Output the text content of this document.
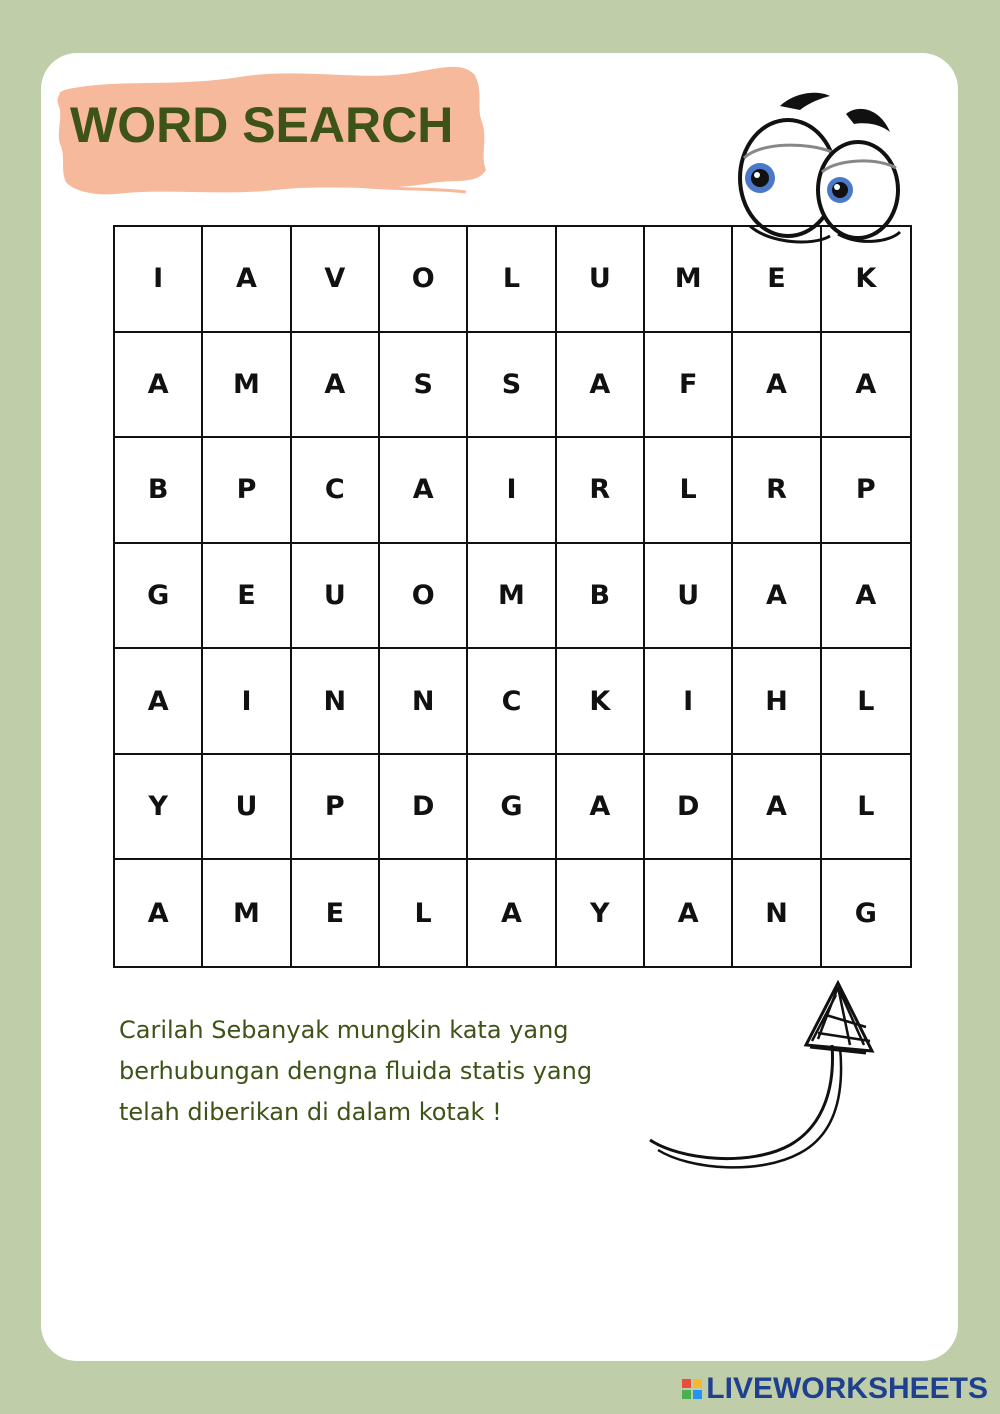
WORD SEARCH
I	A	V	O	L	U	M	E	K
A	M	A	S	S	A	F	A	A
B	P	C	A	I	R	L	R	P
G	E	U	O	M	B	U	A	A
A	I	N	N	C	K	I	H	L
Y	U	P	D	G	A	D	A	L
A	M	E	L	A	Y	A	N	G
Carilah Sebanyak mungkin kata yang
berhubungan dengna fluida statis yang
telah diberikan di dalam kotak !
LIVEWORKSHEETS
